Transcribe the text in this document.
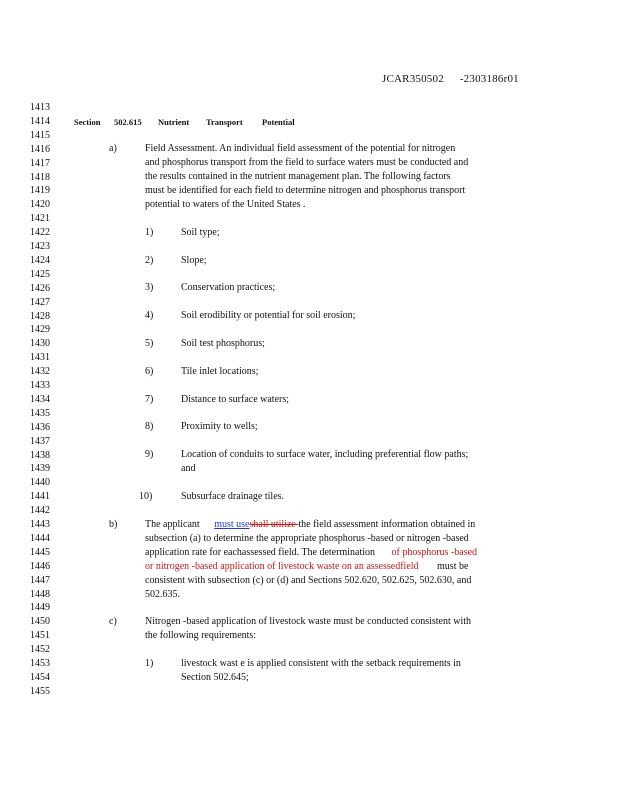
JCAR350502 -2303186r01
1413
1414
1415
1416
1417
1418
1419
1420
1421
1422
1423
1424
1425
1426
1427
1428
1429
1430
1431
1432
1433
1434
1435
1436
1437
1438
1439
1440
1441
1442
1443
1444
1445
1446
1447
1448
1449
1450
1451
1452
1453
1454
1455
Section 502.615 Nutrient Transport Potential
a)	Field Assessment. An individual field assessment of the potential for nitrogen
and phosphorus transport from the field to surface waters must be conducted and
the results contained in the nutrient management plan. The following factors
must be identified for each field to determine nitrogen and phosphorus transport
potential to waters of the United States .
1)	Soil type;
2)	Slope;
3)	Conservation practices;
4)	Soil erodibility or potential for soil erosion;
5)	Soil test phosphorus;
6)	Tile inlet locations;
7)	Distance to surface waters;
8)	Proximity to wells;
9)	Location of conduits to surface water, including preferential flow paths;
and
10)	Subsurface drainage tiles.
b)	The applicant must useshall utilize the field assessment information obtained in
subsection (a) to determine the appropriate phosphorus -based or nitrogen -based
application rate for eachassessed field. The determination of phosphorus -based
or nitrogen -based application of livestock waste on an assessedfield must be
consistent with subsection (c) or (d) and Sections 502.620, 502.625, 502.630, and
502.635.
c)	Nitrogen -based application of livestock waste must be conducted consistent with
the following requirements:
1)	livestock wast e is applied consistent with the setback requirements in
Section 502.645;
